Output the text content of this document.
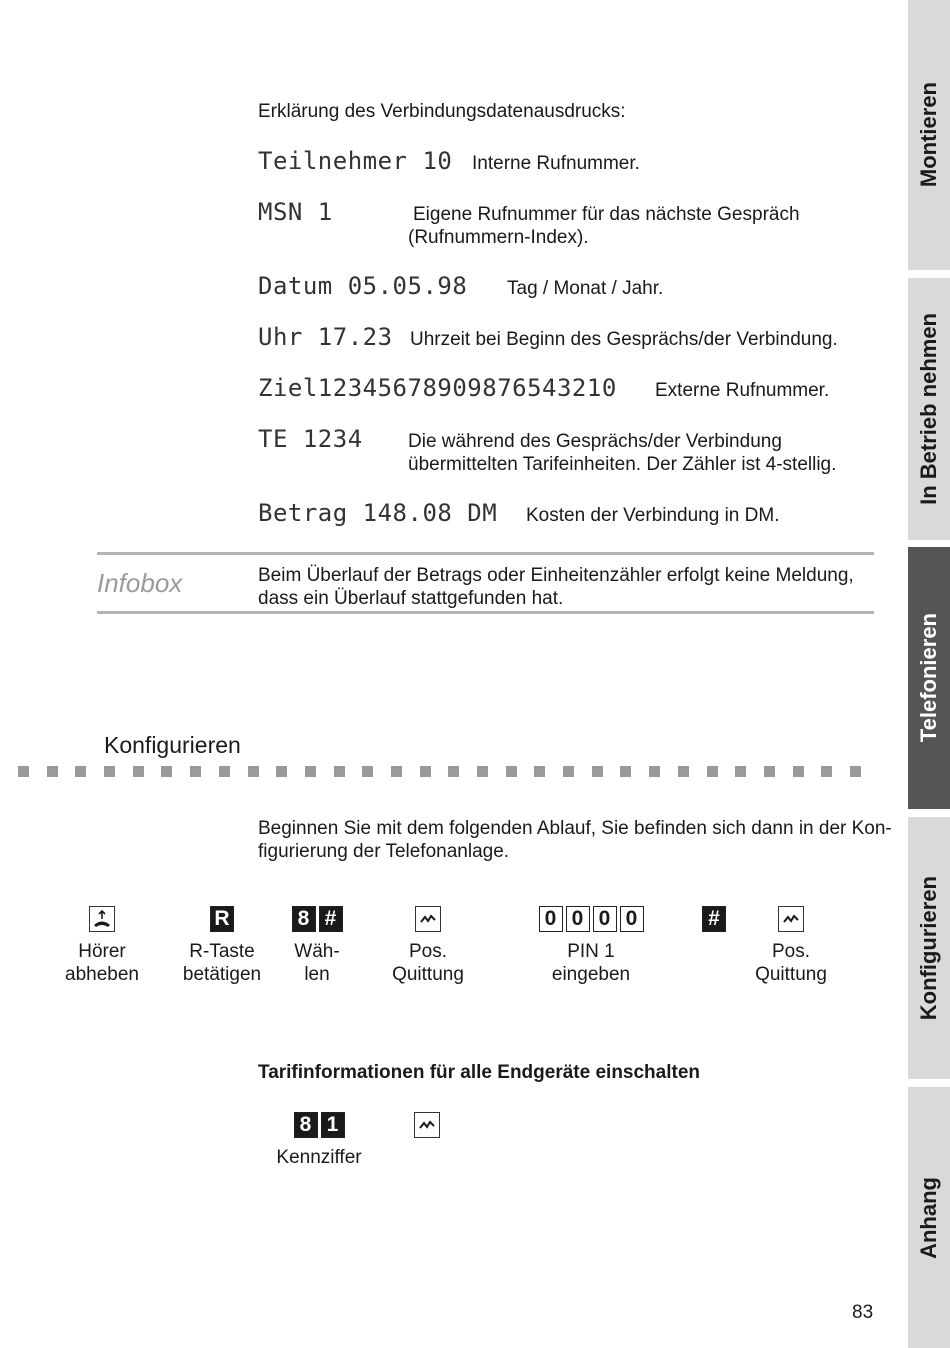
Erklärung des Verbindungsdatenausdrucks:
Teilnehmer 10 Interne Rufnummer.
MSN 1	Eigene Rufnummer für das nächste Gespräch
(Rufnummern-Index).
Datum 05.05.98 Tag / Monat / Jahr.
Uhr 17.23 Uhrzeit bei Beginn des Gesprächs/der Verbindung.
Ziel12345678909876543210 Externe Rufnummer.
TE 1234 Die während des Gesprächs/der Verbindung
übermittelten Tarifeinheiten. Der Zähler ist 4-stellig.
Betrag 148.08 DM Kosten der Verbindung in DM.
Infobox	Beim Überlauf der Betrags oder Einheitenzähler erfolgt keine Meldung,
dass ein Überlauf stattgefunden hat.
Konfigurieren
Beginnen Sie mit dem folgenden Ablauf, Sie befinden sich dann in der Kon-
figurierung der Telefonanlage.
Hörer
abheben
R
R-Taste
betätigen
8 #
Wäh-
len
Pos.
Quittung
0 0 0 0
PIN 1
eingeben
#
Pos.
Quittung
Tarifinformationen für alle Endgeräte einschalten
8 1
Kennziffer
83
Montieren
In Betrieb nehmen
Telefonieren
Konfigurieren
Anhang
